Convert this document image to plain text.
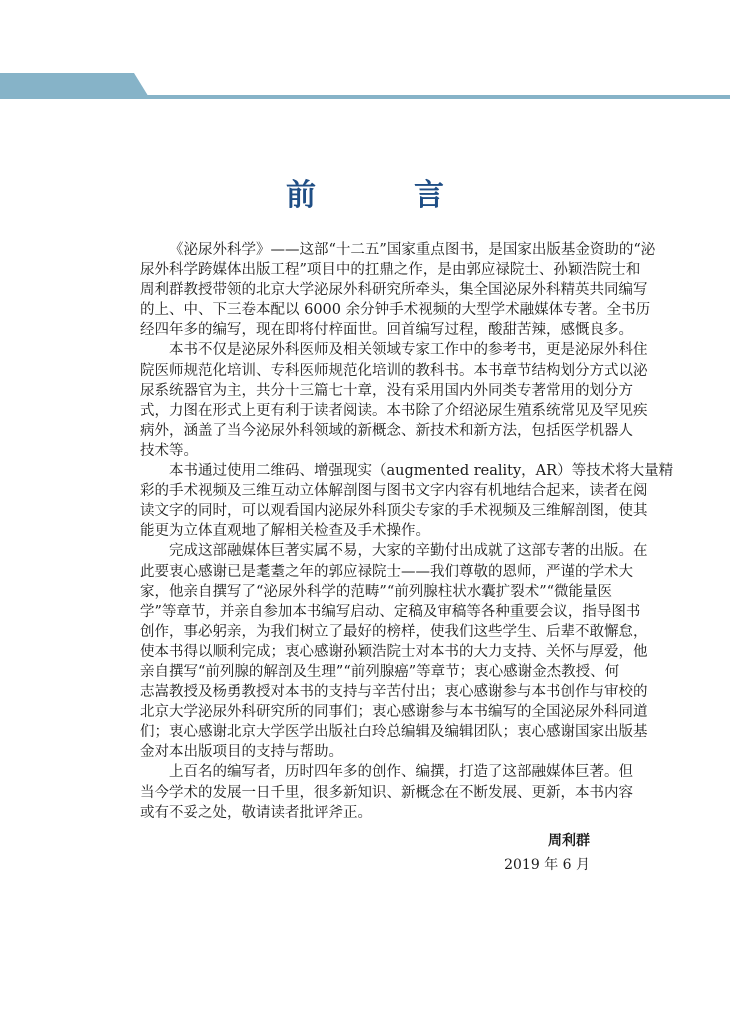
前　言
《泌尿外科学》——这部“十二五”国家重点图书，是国家出版基金资助的“泌
尿外科学跨媒体出版工程”项目中的扛鼎之作，是由郭应禄院士、孙颖浩院士和
周利群教授带领的北京大学泌尿外科研究所牵头，集全国泌尿外科精英共同编写
的上、中、下三卷本配以 6000 余分钟手术视频的大型学术融媒体专著。全书历
经四年多的编写，现在即将付梓面世。回首编写过程，酸甜苦辣，感慨良多。
本书不仅是泌尿外科医师及相关领域专家工作中的参考书，更是泌尿外科住
院医师规范化培训、专科医师规范化培训的教科书。本书章节结构划分方式以泌
尿系统器官为主，共分十三篇七十章，没有采用国内外同类专著常用的划分方
式，力图在形式上更有利于读者阅读。本书除了介绍泌尿生殖系统常见及罕见疾
病外，涵盖了当今泌尿外科领域的新概念、新技术和新方法，包括医学机器人
技术等。
本书通过使用二维码、增强现实（augmented reality，AR）等技术将大量精
彩的手术视频及三维互动立体解剖图与图书文字内容有机地结合起来，读者在阅
读文字的同时，可以观看国内泌尿外科顶尖专家的手术视频及三维解剖图，使其
能更为立体直观地了解相关检查及手术操作。
完成这部融媒体巨著实属不易，大家的辛勤付出成就了这部专著的出版。在
此要衷心感谢已是耄耋之年的郭应禄院士——我们尊敬的恩师，严谨的学术大
家，他亲自撰写了“泌尿外科学的范畴”“前列腺柱状水囊扩裂术”“微能量医
学”等章节，并亲自参加本书编写启动、定稿及审稿等各种重要会议，指导图书
创作，事必躬亲，为我们树立了最好的榜样，使我们这些学生、后辈不敢懈怠，
使本书得以顺利完成；衷心感谢孙颖浩院士对本书的大力支持、关怀与厚爱，他
亲自撰写“前列腺的解剖及生理”“前列腺癌”等章节；衷心感谢金杰教授、何
志嵩教授及杨勇教授对本书的支持与辛苦付出；衷心感谢参与本书创作与审校的
北京大学泌尿外科研究所的同事们；衷心感谢参与本书编写的全国泌尿外科同道
们；衷心感谢北京大学医学出版社白玲总编辑及编辑团队；衷心感谢国家出版基
金对本出版项目的支持与帮助。
上百名的编写者，历时四年多的创作、编撰，打造了这部融媒体巨著。但
当今学术的发展一日千里，很多新知识、新概念在不断发展、更新，本书内容
或有不妥之处，敬请读者批评斧正。
周利群
2019 年 6 月
